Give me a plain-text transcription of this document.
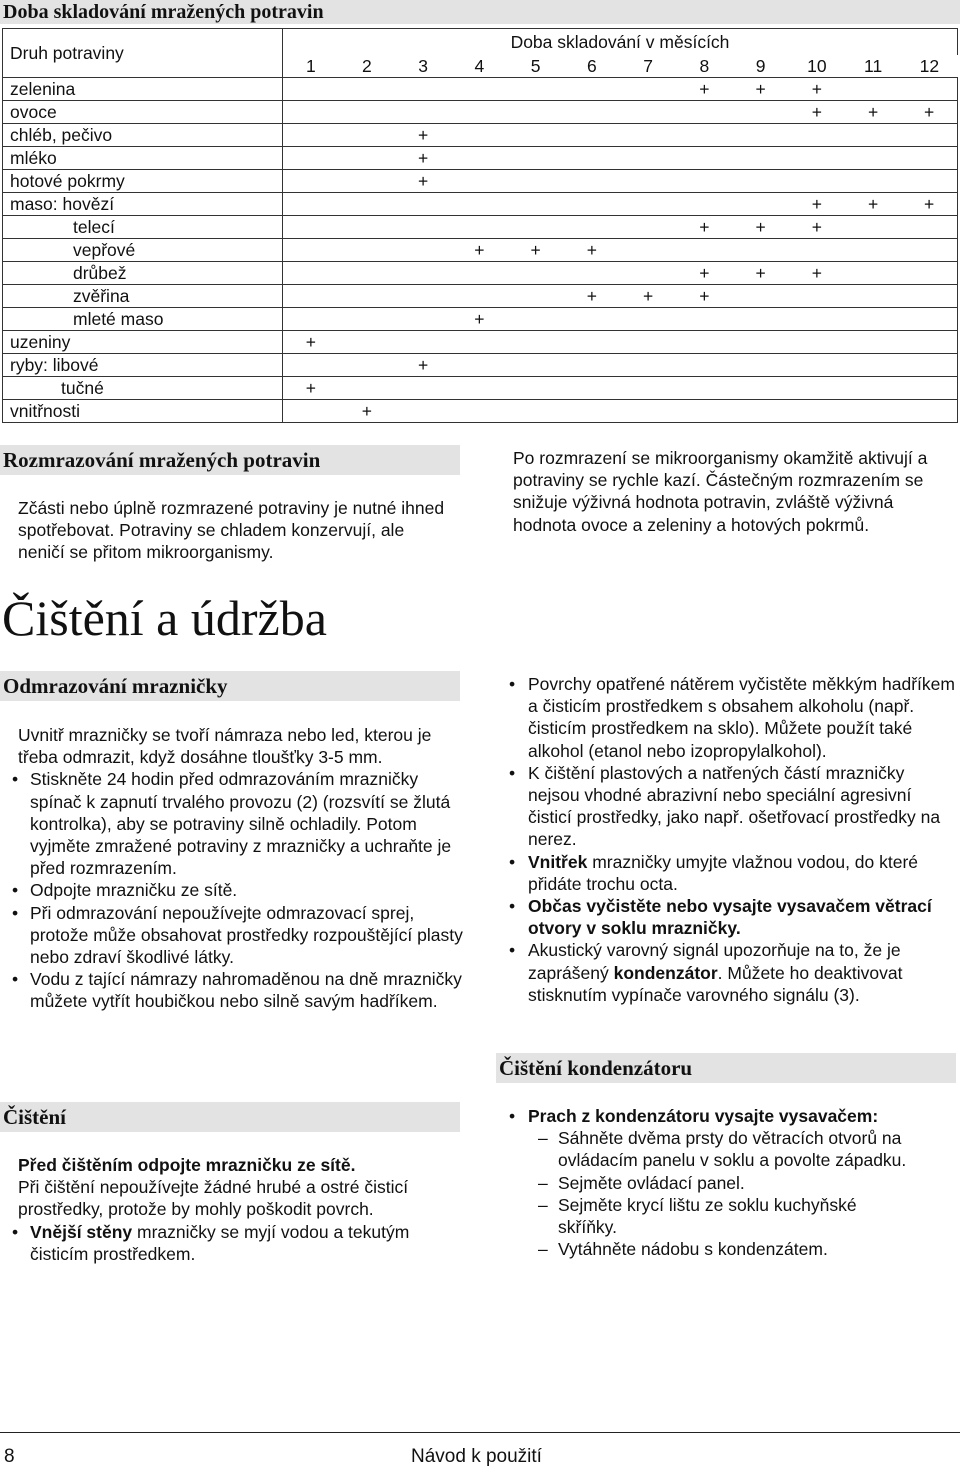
Doba skladování mražených potravin
Druh potraviny	Doba skladování v měsících											
	1	2	3	4	5	6	7	8	9	10	11	12
zelenina								+	+	+		
ovoce										+	+	+
chléb, pečivo			+									
mléko			+									
hotové pokrmy			+									
maso: hovězí										+	+	+
telecí								+	+	+		
vepřové				+	+	+						
drůbež								+	+	+		
zvěřina						+	+	+				
mleté maso				+								
uzeniny	+											
ryby: libové			+									
tučné	+											
vnitřnosti		+										
Rozmrazování mražených potravin
Zčásti nebo úplně rozmrazené potraviny je nutné ihned spotřebovat. Potraviny se chladem konzervují, ale neničí se přitom mikroorganismy.
Po rozmrazení se mikroorganismy okamžitě aktivují a potraviny se rychle kazí. Částečným rozmrazením se snižuje výživná hodnota potravin, zvláště výživná hodnota ovoce a zeleniny a hotových pokrmů.
Čištění a údržba
Odmrazování mrazničky
Uvnitř mrazničky se tvoří námraza nebo led, kterou je třeba odmrazit, když dosáhne tloušťky 3-5 mm.
• Stiskněte 24 hodin před odmrazováním mrazničky spínač k zapnutí trvalého provozu (2) (rozsvítí se žlutá kontrolka), aby se potraviny silně ochladily. Potom vyjměte zmražené potraviny z mrazničky a uchraňte je před rozmrazením.
• Odpojte mrazničku ze sítě.
• Při odmrazování nepoužívejte odmrazovací sprej, protože může obsahovat prostředky rozpouštějící plasty nebo zdraví škodlivé látky.
• Vodu z tající námrazy nahromaděnou na dně mrazničky můžete vytřít houbičkou nebo silně savým hadříkem.
Čištění
Před čištěním odpojte mrazničku ze sítě.
Při čištění nepoužívejte žádné hrubé a ostré čisticí prostředky, protože by mohly poškodit povrch.
• Vnější stěny mrazničky se myjí vodou a tekutým čisticím prostředkem.
• Povrchy opatřené nátěrem vyčistěte měkkým hadříkem a čisticím prostředkem s obsahem alkoholu (např. čisticím prostředkem na sklo). Můžete použít také alkohol (etanol nebo izopropylalkohol).
• K čištění plastových a natřených částí mrazničky nejsou vhodné abrazivní nebo speciální agresivní čisticí prostředky, jako např. ošetřovací prostředky na nerez.
• Vnitřek mrazničky umyjte vlažnou vodou, do které přidáte trochu octa.
• Občas vyčistěte nebo vysajte vysavačem větrací otvory v soklu mrazničky.
• Akustický varovný signál upozorňuje na to, že je zaprášený kondenzátor. Můžete ho deaktivovat stisknutím vypínače varovného signálu (3).
Čištění kondenzátoru
• Prach z kondenzátoru vysajte vysavačem:
– Sáhněte dvěma prsty do větracích otvorů na ovládacím panelu v soklu a povolte západku.
– Sejměte ovládací panel.
– Sejměte krycí lištu ze soklu kuchyňské skříňky.
– Vytáhněte nádobu s kondenzátem.
8	Návod k použití
